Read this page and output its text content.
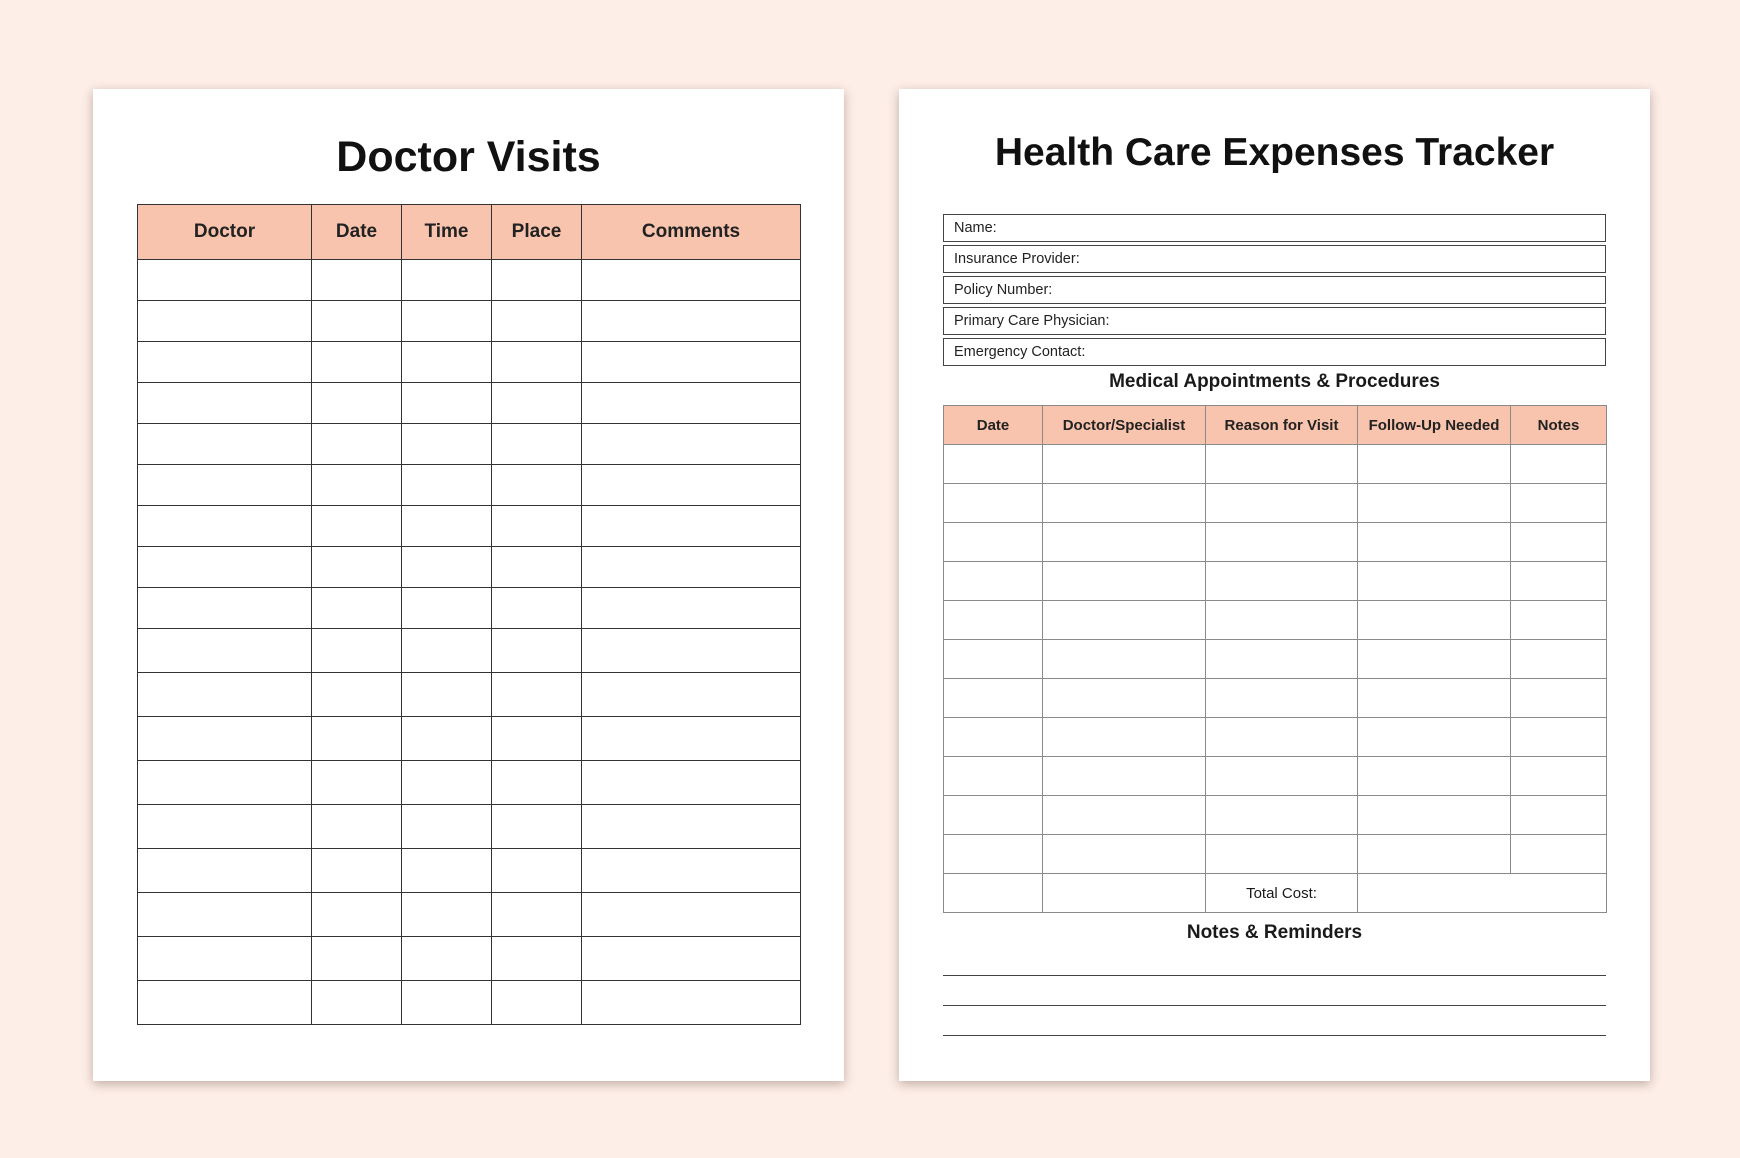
Doctor Visits
Doctor	Date	Time	Place	Comments

Health Care Expenses Tracker
Name:
Insurance Provider:
Policy Number:
Primary Care Physician:
Emergency Contact:
Medical Appointments & Procedures
Date	Doctor/Specialist	Reason for Visit	Follow-Up Needed	Notes

		Total Cost:		
Notes & Reminders
